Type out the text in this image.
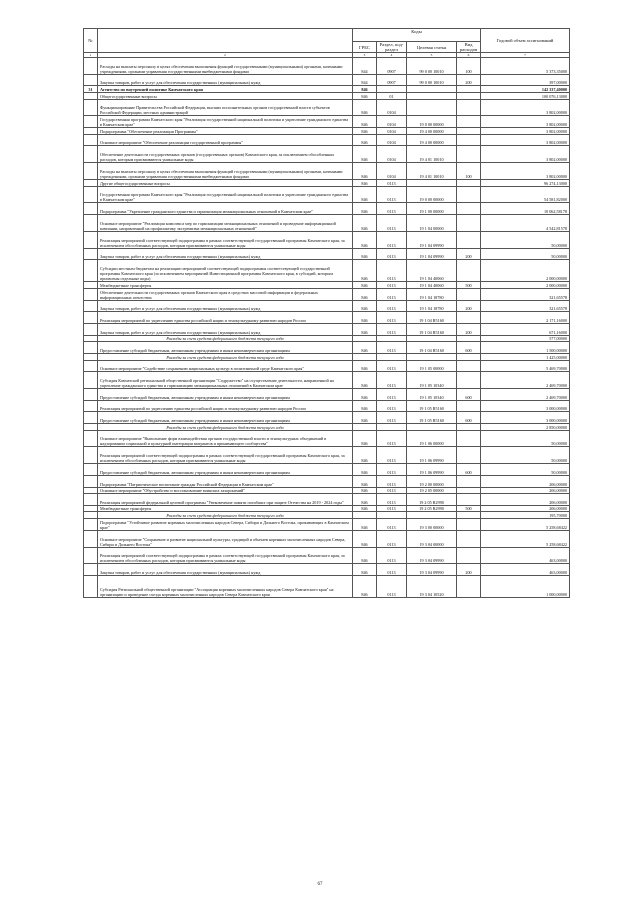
№		Коды				Годовой объем ассигнований
		ГРБС	Раздел, под-раздел	Целевая статья	Вид расходов	
1	2	3	4	5	6	7
	Расходы на выплаты персоналу в целях обеспечения выполнения функций государственными (муниципальными) органами, казенными учреждениями, органами управления государственными внебюджетными фондами	844	0907	99 0 00 10010	100	5 373,35000
	Закупка товаров, работ и услуг для обеспечения государственных (муниципальных) нужд	844	0907	99 0 00 10010	200	397,00000
31	Агентство по внутренней политике Камчатского края	846				142 337,40000
	Общегосударственные вопросы	846	01			100 076,13000
	Функционирование Правительства Российской Федерации, высших исполнительных органов государственной власти субъектов Российской Федерации, местных администраций	846	0104			3 802,00000
	Государственная программа Камчатского края "Реализация государственной национальной политики и укрепление гражданского единства в Камчатском крае"	846	0104	19 0 00 00000		3 802,00000
	Подпрограмма "Обеспечение реализации Программы"	846	0104	19 4 00 00000		3 802,00000
	Основное мероприятие "Обеспечение реализации государственной программы"	846	0104	19 4 00 00000		3 802,00000
	Обеспечение деятельности государственных органов (государственных органов) Камчатского края, за исключением обособленных расходов, которым присваиваются уникальные коды	846	0104	19 4 01 10010		3 802,00000
	Расходы на выплаты персоналу в целях обеспечения выполнения функций государственными (муниципальными) органами, казенными учреждениями, органами управления государственными внебюджетными фондами	846	0104	19 4 01 10010	100	3 802,00000
	Другие общегосударственные вопросы	846	0113			96 274,13000
	Государственная программа Камчатского края "Реализация государственной национальной политики и укрепление гражданского единства в Камчатском крае"	846	0113	19 0 00 00000		54 581,82000
	Подпрограмма "Укрепление гражданского единства и гармонизация межнациональных отношений в Камчатском крае"	846	0113	19 1 00 00000		10 062,58178
	Основное мероприятие "Реализация комплекса мер по гармонизации межнациональных отношений и проведение информационной кампании, направленной на профилактику экстремизма межнациональных отношений"	846	0113	19 1 04 00000		4 542,81578
	Реализация мероприятий соответствующей подпрограммы в рамках соответствующей государственной программы Камчатского края, за исключением обособленных расходов, которым присваиваются уникальные коды	846	0113	19 1 04 09990		50,00000
	Закупка товаров, работ и услуг для обеспечения государственных (муниципальных) нужд	846	0113	19 1 04 09990	200	50,00000
	Субсидии местным бюджетам на реализацию мероприятий соответствующей подпрограммы соответствующей государственной программы Камчатского края (за исключением мероприятий Инвестиционной программы Камчатского края, в субсидий, которым присвоены отдельные коды)	846	0113	19 1 04 40060		2 000,00000
	Межбюджетные трансферты	846	0113	19 1 04 40060	500	2 000,00000
	Обеспечение деятельности государственных органов Камчатского края в средствах массовой информации и федеральных информационных агентствах	846	0113	19 1 04 18780		321,65578
	Закупка товаров, работ и услуг для обеспечения государственных (муниципальных) нужд	846	0113	19 1 04 18780	200	321,65578
	Реализация мероприятий по укреплению единства российской нации и этнокультурному развитию народов России	846	0113	19 1 04 R5160		2 171,16000
	Закупка товаров, работ и услуг для обеспечения государственных (муниципальных) нужд	846	0113	19 1 04 R5160	200	671,16000
	Расходы за счет средств федерального бюджета текущего года					577,00000
	Предоставление субсидий бюджетным, автономным учреждениям и иным некоммерческим организациям	846	0113	19 1 04 R5160	600	1 500,00000
	Расходы за счет средств федерального бюджета текущего года					1 425,00000
	Основное мероприятие "Содействие сохранению национальных культур в полиэтничной среде Камчатского края"	846	0113	19 1 05 00000		5 469,70000
	Субсидия Камчатской региональной общественной организации "Содружество" на осуществление деятельности, направленной на укрепление гражданского единства и гармонизацию межнациональных отношений в Камчатском крае	846	0113	19 1 05 10340		2 469,70000
	Предоставление субсидий бюджетным, автономным учреждениям и иным некоммерческим организациям	846	0113	19 1 05 10340	600	2 469,70000
	Реализация мероприятий по укреплению единства российской нации и этнокультурному развитию народов России	846	0113	19 1 05 R5160		3 000,00000
	Предоставление субсидий бюджетным, автономным учреждениям и иным некоммерческим организациям	846	0113	19 1 05 R5160	600	3 000,00000
	Расходы за счет средств федерального бюджета текущего года					2 850,00000
	Основное мероприятие "Выполнение форм взаимодействия органов государственной власти и этнокультурных объединений в надзоровании социальной и культурной интеграции мигрантов и принимающего сообщества"	846	0113	19 1 06 00000		50,00000
	Реализация мероприятий соответствующей подпрограммы в рамках соответствующей государственной программы Камчатского края, за исключением обособленных расходов, которым присваиваются уникальные коды	846	0113	19 1 06 09990		50,00000
	Предоставление субсидий бюджетным, автономным учреждениям и иным некоммерческим организациям	846	0113	19 1 06 09990	600	50,00000
	Подпрограмма "Патриотическое воспитание граждан Российской Федерации в Камчатском крае"	846	0113	19 2 00 00000		206,00000
	Основное мероприятие "Обустройство и восстановление воинских захоронений"	846	0113	19 2 05 00000		206,00000
	Реализация мероприятий федеральной целевой программы "Увековечение памяти погибших при защите Отечества на 2019 - 2024 годы"	846	0113	19 2 05 R2990		206,00000
	Межбюджетные трансферты	846	0113	19 2 05 R2990	500	206,00000
	Расходы за счет средств федерального бюджета текущего года					195,70000
	Подпрограмма "Устойчивое развитие коренных малочисленных народов Севера, Сибири и Дальнего Востока, проживающих в Камчатском крае"	846	0113	19 3 00 00000		5 258,68422
	Основное мероприятие "Сохранение и развитие национальной культуры, традиций и обычаев коренных малочисленных народов Севера, Сибири и Дальнего Востока"	846	0113	19 3 04 00000		5 258,68422
	Реализация мероприятий соответствующей подпрограммы в рамках соответствующей государственной программы Камчатского края, за исключением обособленных расходов, которым присваиваются уникальные коды	846	0113	19 3 04 09990		463,00000
	Закупка товаров, работ и услуг для обеспечения государственных (муниципальных) нужд	846	0113	19 3 04 09990	200	463,00000
	Субсидия Региональной общественной организации "Ассоциация коренных малочисленных народов Севера Камчатского края" на организацию и проведение съезда коренных малочисленных народов Севера Камчатского края	846	0113	19 3 04 10520		1 000,00000
67
